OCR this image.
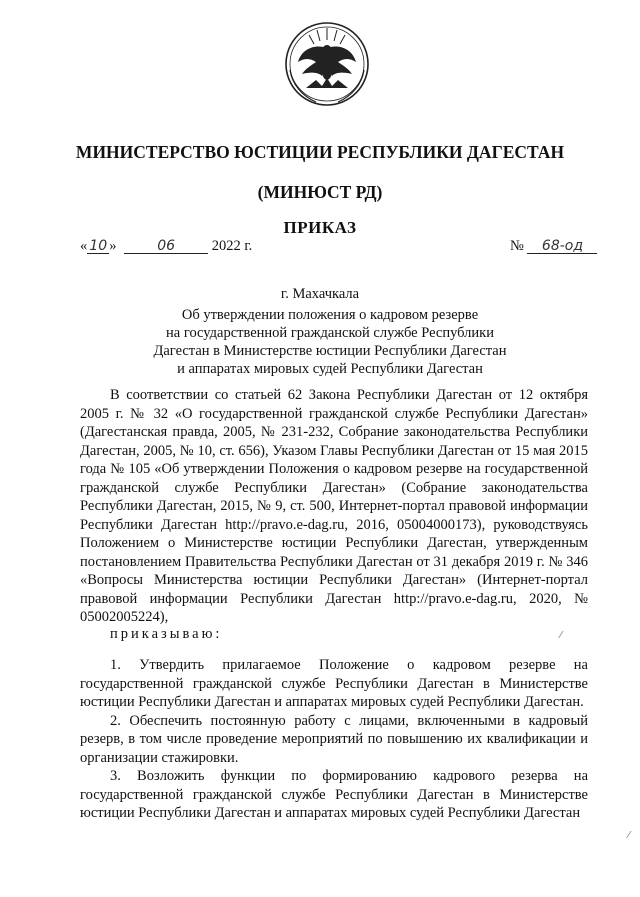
МИНИСТЕРСТВО ЮСТИЦИИ РЕСПУБЛИКИ ДАГЕСТАН
(МИНЮСТ РД)
ПРИКАЗ
« 10 »	06	2022 г.	№ 68-од
г. Махачкала
Об утверждении положения о кадровом резерве
на государственной гражданской службе Республики
Дагестан в Министерстве юстиции Республики Дагестан
и аппаратах мировых судей Республики Дагестан
В соответствии со статьей 62 Закона Республики Дагестан от 12 октября 2005 г. № 32 «О государственной гражданской службе Республики Дагестан» (Дагестанская правда, 2005, № 231-232, Собрание законодательства Республики Дагестан, 2005, № 10, ст. 656), Указом Главы Республики Дагестан от 15 мая 2015 года № 105 «Об утверждении Положения о кадровом резерве на государственной гражданской службе Республики Дагестан» (Собрание законодательства Республики Дагестан, 2015, № 9, ст. 500, Интернет-портал правовой информации Республики Дагестан http://pravo.e-dag.ru, 2016, 05004000173), руководствуясь Положением о Министерстве юстиции Республики Дагестан, утвержденным постановлением Правительства Республики Дагестан от 31 декабря 2019 г. № 346 «Вопросы Министерства юстиции Республики Дагестан» (Интернет-портал правовой информации Республики Дагестан http://pravo.e-dag.ru, 2020, № 05002005224),
приказываю:

1. Утвердить прилагаемое Положение о кадровом резерве на государственной гражданской службе Республики Дагестан в Министерстве юстиции Республики Дагестан и аппаратах мировых судей Республики Дагестан.

2. Обеспечить постоянную работу с лицами, включенными в кадровый резерв, в том числе проведение мероприятий по повышению их квалификации и организации стажировки.

3. Возложить функции по формированию кадрового резерва на государственной гражданской службе Республики Дагестан в Министерстве юстиции Республики Дагестан и аппаратах мировых судей Республики Дагестан

⁄
⁄
